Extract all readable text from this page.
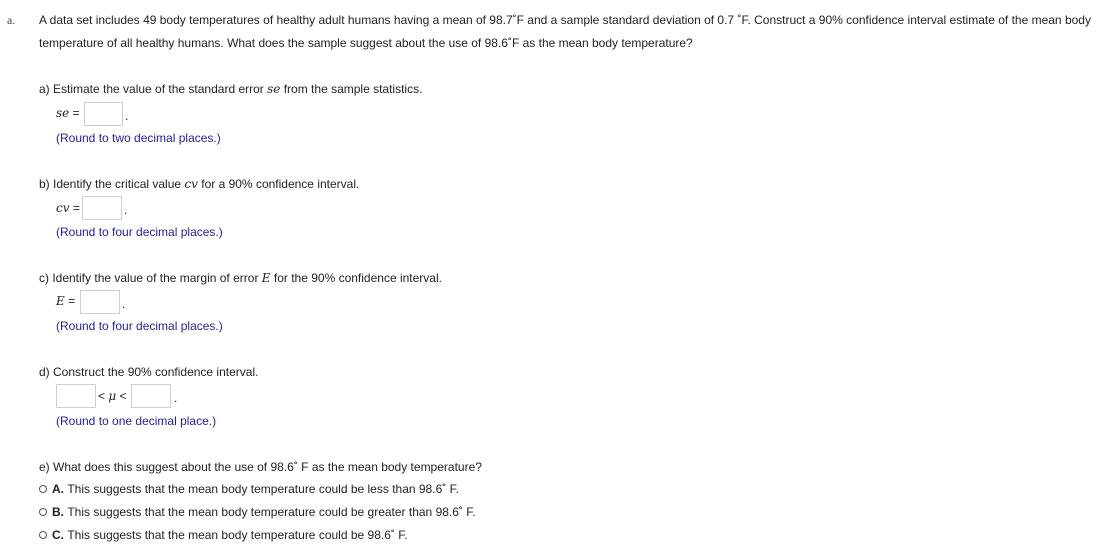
a. A data set includes 49 body temperatures of healthy adult humans having a mean of 98.7˚F and a sample standard deviation of 0.7 ˚F. Construct a 90% confidence interval estimate of the mean body
temperature of all healthy humans. What does the sample suggest about the use of 98.6˚F as the mean body temperature?
a) Estimate the value of the standard error se from the sample statistics.
se =	.
(Round to two decimal places.)
b) Identify the critical value cv for a 90% confidence interval.
cv =	.
(Round to four decimal places.)
c) Identify the value of the margin of error E for the 90% confidence interval.
E =	.
(Round to four decimal places.)
d) Construct the 90% confidence interval.
< μ <	.
(Round to one decimal place.)
e) What does this suggest about the use of 98.6˚ F as the mean body temperature?
A.
This suggests that the mean body temperature could be less than 98.6˚ F.
B.
This suggests that the mean body temperature could be greater than 98.6˚ F.
C.
This suggests that the mean body temperature could be 98.6˚ F.
